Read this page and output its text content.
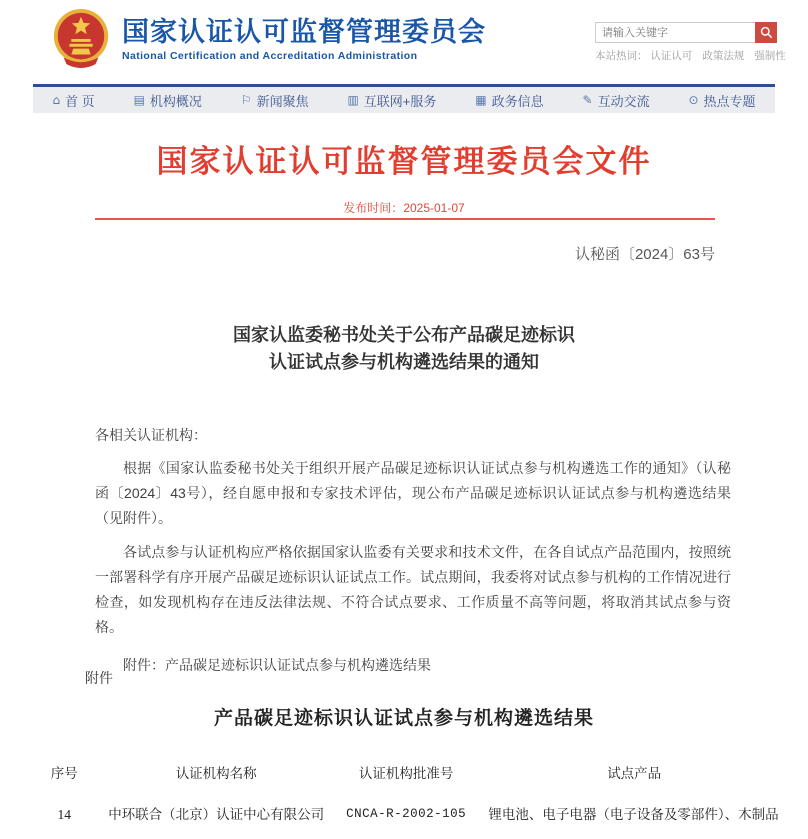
国家认证认可监督管理委员会
National Certification and Accreditation Administration
请输入关键字	本站热词： 认证认可 政策法规 强制性
⌂ 首 页	▤ 机构概况	⚐ 新闻聚焦	▥ 互联网+服务	▦ 政务信息	✎ 互动交流	⊙ 热点专题
国家认证认可监督管理委员会文件
发布时间：2025-01-07
认秘函〔2024〕63号
国家认监委秘书处关于公布产品碳足迹标识
认证试点参与机构遴选结果的通知
各相关认证机构：

根据《国家认监委秘书处关于组织开展产品碳足迹标识认证试点参与机构遴选工作的通知》（认秘函〔2024〕43号），经自愿申报和专家技术评估，现公布产品碳足迹标识认证试点参与机构遴选结果（见附件）。

各试点参与认证机构应严格依据国家认监委有关要求和技术文件，在各自试点产品范围内，按照统一部署科学有序开展产品碳足迹标识认证试点工作。试点期间，我委将对试点参与机构的工作情况进行检查，如发现机构存在违反法律法规、不符合试点要求、工作质量不高等问题，将取消其试点参与资格。

附件：产品碳足迹标识认证试点参与机构遴选结果
附件
产品碳足迹标识认证试点参与机构遴选结果
序号	认证机构名称	认证机构批准号	试点产品
14	中环联合（北京）认证中心有限公司	CNCA-R-2002-105	锂电池、电子电器（电子设备及零部件）、木制品
